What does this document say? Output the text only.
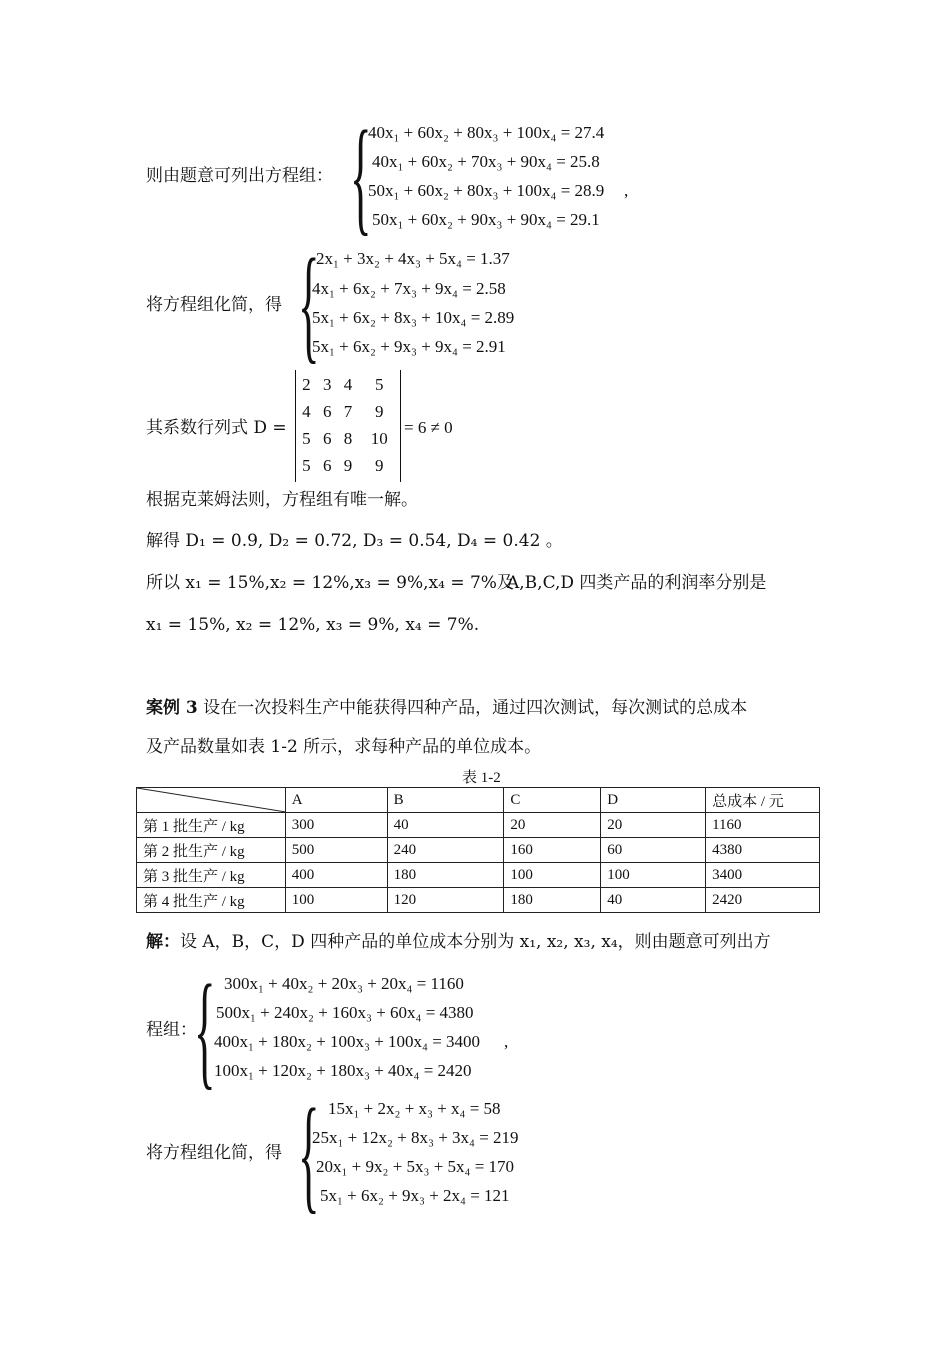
则由题意可列出方程组： {
40x₁ + 60x₂ + 80x₃ + 100x₄ = 27.4
40x₁ + 60x₂ + 70x₃ + 90x₄ = 25.8
50x₁ + 60x₂ + 80x₃ + 100x₄ = 28.9
50x₁ + 60x₂ + 90x₃ + 90x₄ = 29.1
,
将方程组化简，得 {
2x₁ + 3x₂ + 4x₃ + 5x₄ = 1.37
4x₁ + 6x₂ + 7x₃ + 9x₄ = 2.58
5x₁ + 6x₂ + 8x₃ + 10x₄ = 2.89
5x₁ + 6x₂ + 9x₃ + 9x₄ = 2.91
其系数行列式 D =
2	3	4	5
4	6	7	9
5	6	8	10
5	6	9	9
= 6 ≠ 0
根据克莱姆法则，方程组有唯一解。
解得 D₁ = 0.9, D₂ = 0.72, D₃ = 0.54, D₄ = 0.42 。
所以 x₁ = 15%,x₂ = 12%,x₃ = 9%,x₄ = 7%及
A,B,C,D 四类产品的利润率分别是
x₁ = 15%, x₂ = 12%, x₃ = 9%, x₄ = 7%.
案例 3 设在一次投料生产中能获得四种产品，通过四次测试，每次测试的总成本
及产品数量如表 1-2 所示，求每种产品的单位成本。
表 1-2
	A	B	C	D	总成本 / 元
第 1 批生产 / kg	300	40	20	20	1160
第 2 批生产 / kg	500	240	160	60	4380
第 3 批生产 / kg	400	180	100	100	3400
第 4 批生产 / kg	100	120	180	40	2420
解：设 A，B，C，D 四种产品的单位成本分别为 x₁, x₂, x₃, x₄，则由题意可列出方
程组：
{ 300x₁ + 40x₂ + 20x₃ + 20x₄ = 1160
500x₁ + 240x₂ + 160x₃ + 60x₄ = 4380
400x₁ + 180x₂ + 100x₃ + 100x₄ = 3400
100x₁ + 120x₂ + 180x₃ + 40x₄ = 2420
,
将方程组化简，得 { 15x₁ + 2x₂ + x₃ + x₄ = 58
25x₁ + 12x₂ + 8x₃ + 3x₄ = 219
20x₁ + 9x₂ + 5x₃ + 5x₄ = 170
5x₁ + 6x₂ + 9x₃ + 2x₄ = 121
